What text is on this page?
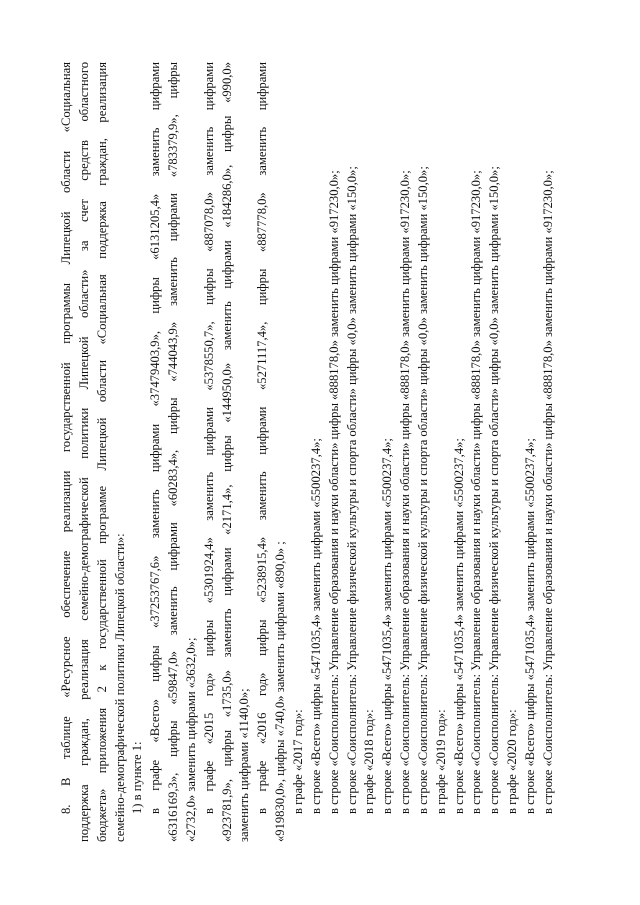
8. В таблице «Ресурсное обеспечение реализации государственной программы Липецкой области «Социальная поддержка граждан, реализация семейно-демографической политики Липецкой области» за счет средств областного бюджета» приложения 2 к государственной программе Липецкой области «Социальная поддержка граждан, реализация семейно-демографической политики Липецкой области»: 1) в пункте 1: в графе «Всего» цифры «37253767,6» заменить цифрами «37479403,9», цифры «6131205,4» заменить цифрами «6316169,3», цифры «59847,0» заменить цифрами «60283,4», цифры «744043,9» заменить цифрами «783379,9», цифры «2732,0» заменить цифрами «3632,0»; в графе «2015 год» цифры «5301924,4» заменить цифрами «5378550,7», цифры «887078,0» заменить цифрами «923781,9», цифры «1735,0» заменить цифрами «2171,4», цифры «144950,0» заменить цифрами «184286,0», цифры «990,0» заменить цифрами «1140,0»; в графе «2016 год» цифры «5238915,4» заменить цифрами «5271117,4», цифры «887778,0» заменить цифрами «919830,0», цифры «740,0» заменить цифрами «890,0» ; в графе «2017 год»: в строке «Всего» цифры «5471035,4» заменить цифрами «5500237,4»; в строке «Соисполнитель: Управление образования и науки области» цифры «888178,0» заменить цифрами «917230,0»; в строке «Соисполнитель: Управление физической культуры и спорта области» цифры «0,0» заменить цифрами «150,0»; в графе «2018 год»: в строке «Всего» цифры «5471035,4» заменить цифрами «5500237,4»; в строке «Соисполнитель: Управление образования и науки области» цифры «888178,0» заменить цифрами «917230,0»; в строке «Соисполнитель: Управление физической культуры и спорта области» цифры «0,0» заменить цифрами «150,0»; в графе «2019 год»: в строке «Всего» цифры «5471035,4» заменить цифрами «5500237,4»; в строке «Соисполнитель: Управление образования и науки области» цифры «888178,0» заменить цифрами «917230,0»; в строке «Соисполнитель: Управление физической культуры и спорта области» цифры «0,0» заменить цифрами «150,0»; в графе «2020 год»: в строке «Всего» цифры «5471035,4» заменить цифрами «5500237,4»; в строке «Соисполнитель: Управление образования и науки области» цифры «888178,0» заменить цифрами «917230,0»;
